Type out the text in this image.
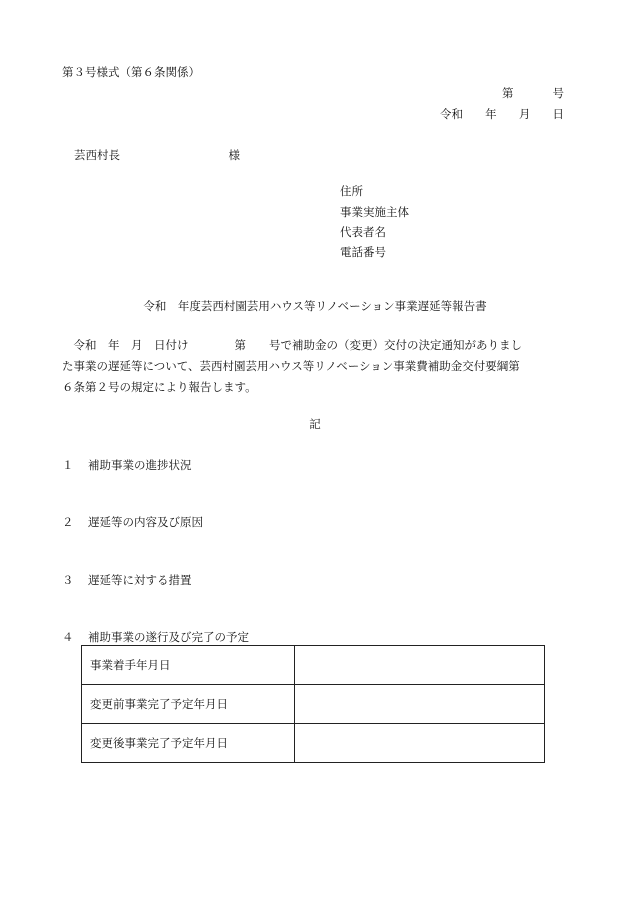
第３号様式（第６条関係）
第	号
令和 年 月 日
芸西村長	様
住所
事業実施主体
代表者名
電話番号
令和　年度芸西村園芸用ハウス等リノベーション事業遅延等報告書
　令和　年　月　日付け　　　　第　　号で補助金の（変更）交付の決定通知がありまし
た事業の遅延等について、芸西村園芸用ハウス等リノベーション事業費補助金交付要綱第
６条第２号の規定により報告します。
記
１ 補助事業の進捗状況
２ 遅延等の内容及び原因
３ 遅延等に対する措置
４ 補助事業の遂行及び完了の予定
事業着手年月日	
変更前事業完了予定年月日	
変更後事業完了予定年月日	
